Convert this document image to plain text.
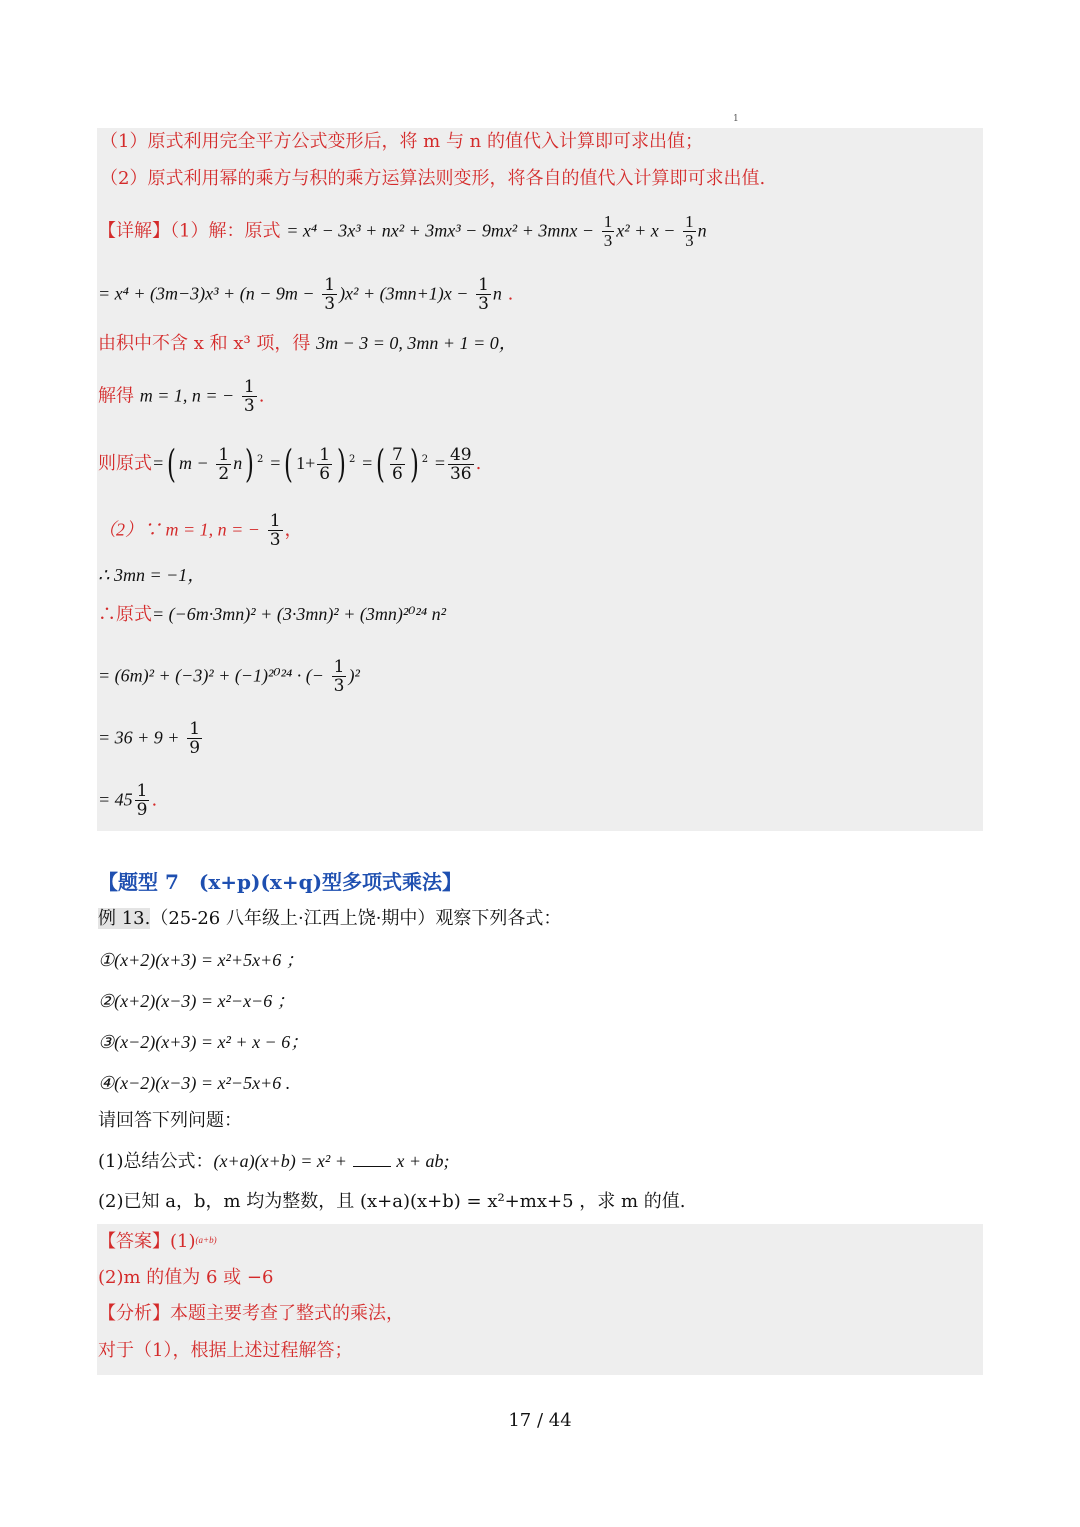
1
（1）原式利用完全平方公式变形后，将 m 与 n 的值代入计算即可求出值；
（2）原式利用幂的乘方与积的乘方运算法则变形，将各自的值代入计算即可求出值.
【详解】（1）解：原式 = $x^4 - 3x^3 + nx^2 + 3mx^3 - 9mx^2 + 3mnx - \frac{1}{3} x^2 + x - \frac{1}{3}$ n
= $x^4 + (3m-3)x^3 + (n - 9m - \frac{1}{3} )x^2 + (3mn+1)x - \frac{1}{3}$ n .
由积中不含 x 和 x³ 项，得 3m − 3 = 0, 3mn + 1 = 0，
解得 m = 1, n = − $\frac{1}{3}$ .
则原式=( $m - \frac{1}{2} n$) $^2$ =( $1+ \frac{1}{6}$ ) $^2$ =( $\frac{7}{6}$ ) $^2 = \frac{49}{36}$ .
（2）∵ m = 1, n = − $\frac{1}{3}$ ，
∴ 3mn = −1，
∴原式= (−6m·3mn)² + (3·3mn)² + (3mn)²⁰²⁴ n²
= (6m)² + (−3)² + (−1)²⁰²⁴ · (− $\frac{1}{3} )^2$
= $36 + 9 + \frac{1}{9}$
= $45 \frac{1}{9}$ .
【题型 7　(x+p)(x+q)型多项式乘法】
例 13.（25-26 八年级上·江西上饶·期中）观察下列各式：
①(x+2)(x+3) = x²+5x+6 ；
②(x+2)(x−3) = x²−x−6 ；
③(x−2)(x+3) = x² + x − 6；
④(x−2)(x−3) = x²−5x+6 .
请回答下列问题：
(1)总结公式：(x+a)(x+b) = x² +	x + ab;
(2)已知 a，b，m 均为整数，且 (x+a)(x+b) = x²+mx+5 ，求 m 的值.
【答案】$(1)^{(a+b)}$
(2)m 的值为 6 或 −6
【分析】本题主要考查了整式的乘法，
对于（1），根据上述过程解答；
17 / 44
